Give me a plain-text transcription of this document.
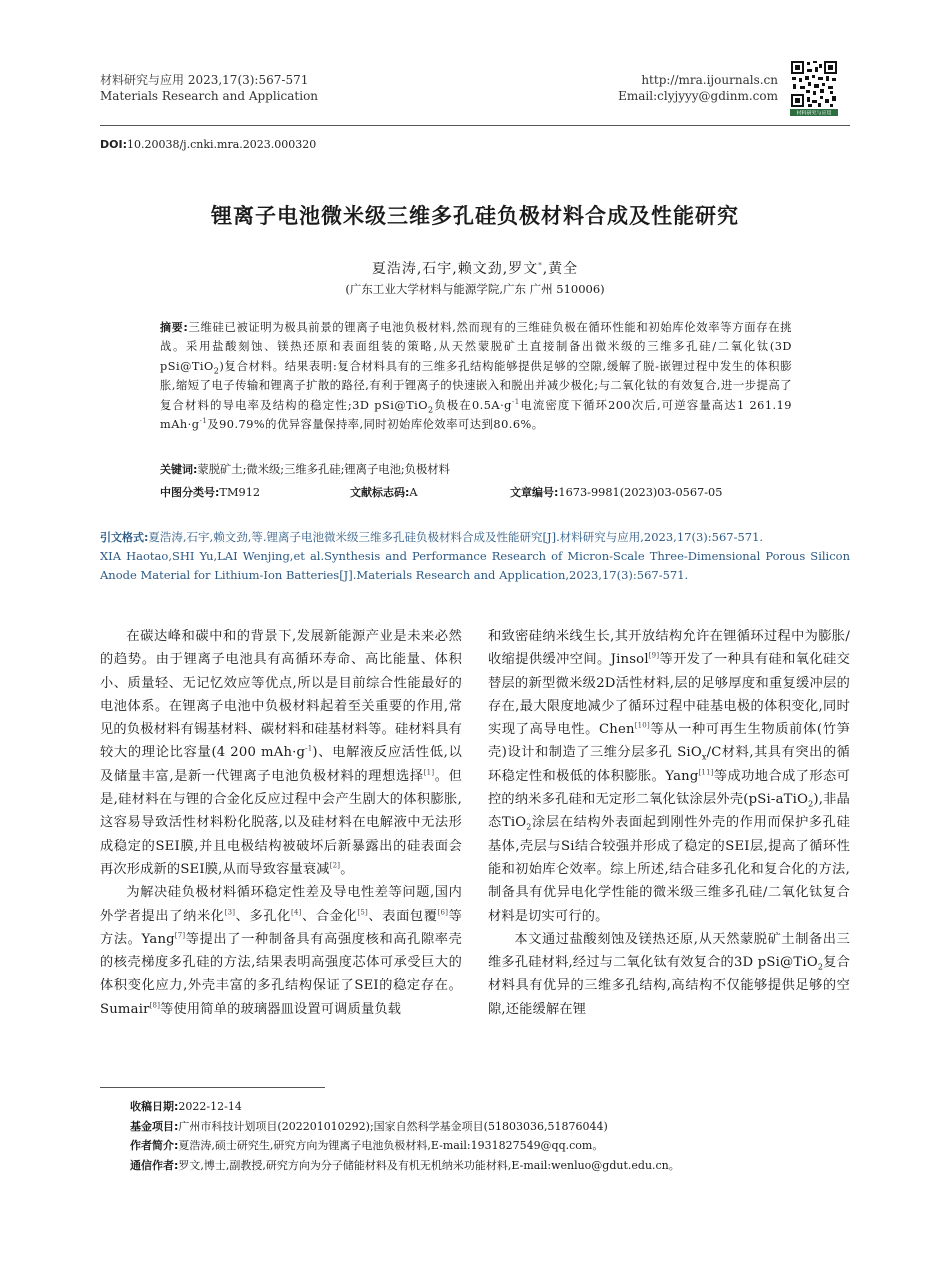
材料研究与应用 2023,17(3):567-571
Materials Research and Application
http://mra.ijournals.cn
Email:clyjyyy@gdinm.com
材料研究与应用
DOI:10.20038/j.cnki.mra.2023.000320
锂离子电池微米级三维多孔硅负极材料合成及性能研究
夏浩涛,石宇,赖文劲,罗文*,黄全
(广东工业大学材料与能源学院,广东 广州 510006)
摘要:三维硅已被证明为极具前景的锂离子电池负极材料,然而现有的三维硅负极在循环性能和初始库伦效率等方面存在挑战。采用盐酸刻蚀、镁热还原和表面组装的策略,从天然蒙脱矿土直接制备出微米级的三维多孔硅/二氧化钛(3D pSi@TiO$_2$)复合材料。结果表明:复合材料具有的三维多孔结构能够提供足够的空隙,缓解了脱-嵌锂过程中发生的体积膨胀,缩短了电子传输和锂离子扩散的路径,有利于锂离子的快速嵌入和脱出并减少极化;与二氧化钛的有效复合,进一步提高了复合材料的导电率及结构的稳定性;3D pSi@TiO$_2$负极在$0.5A\cdot g^{-1}$电流密度下循环200次后,可逆容量高达1 261.19 $mAh\cdot g^{-1}$及90.79%的优异容量保持率,同时初始库伦效率可达到80.6%。
关键词:蒙脱矿土;微米级;三维多孔硅;锂离子电池;负极材料
中图分类号:TM912	文献标志码:A	文章编号:1673-9981(2023)03-0567-05
引文格式:夏浩涛,石宇,赖文劲,等.锂离子电池微米级三维多孔硅负极材料合成及性能研究[J].材料研究与应用,2023,17(3):567-571.
XIA Haotao,SHI Yu,LAI Wenjing,et al.Synthesis and Performance Research of Micron-Scale Three-Dimensional Porous Silicon Anode Material for Lithium-Ion Batteries[J].Materials Research and Application,2023,17(3):567-571.

在碳达峰和碳中和的背景下,发展新能源产业是未来必然的趋势。由于锂离子电池具有高循环寿命、高比能量、体积小、质量轻、无记忆效应等优点,所以是目前综合性能最好的电池体系。在锂离子电池中负极材料起着至关重要的作用,常见的负极材料有锡基材料、碳材料和硅基材料等。硅材料具有较大的理论比容量(4 200 $mAh\cdot g^{-1}$)、电解液反应活性低,以及储量丰富,是新一代锂离子电池负极材料的理想选择[1]。但是,硅材料在与锂的合金化反应过程中会产生剧大的体积膨胀,这容易导致活性材料粉化脱落,以及硅材料在电解液中无法形成稳定的SEI膜,并且电极结构被破坏后新暴露出的硅表面会再次形成新的SEI膜,从而导致容量衰减[2]。

为解决硅负极材料循环稳定性差及导电性差等问题,国内外学者提出了纳米化[3]、多孔化[4]、合金化[5]、表面包覆[6]等方法。Yang[7]等提出了一种制备具有高强度核和高孔隙率壳的核壳梯度多孔硅的方法,结果表明高强度芯体可承受巨大的体积变化应力,外壳丰富的多孔结构保证了SEI的稳定存在。Sumair[8]等使用简单的玻璃器皿设置可调质量负载

和致密硅纳米线生长,其开放结构允许在锂循环过程中为膨胀/收缩提供缓冲空间。Jinsol[9]等开发了一种具有硅和氧化硅交替层的新型微米级2D活性材料,层的足够厚度和重复缓冲层的存在,最大限度地减少了循环过程中硅基电极的体积变化,同时实现了高导电性。Chen[10]等从一种可再生生物质前体(竹笋壳)设计和制造了三维分层多孔 SiO$_x$/C材料,其具有突出的循环稳定性和极低的体积膨胀。Yang[11]等成功地合成了形态可控的纳米多孔硅和无定形二氧化钛涂层外壳(pSi-aTiO$_2$),非晶态TiO$_2$涂层在结构外表面起到刚性外壳的作用而保护多孔硅基体,壳层与Si结合较强并形成了稳定的SEI层,提高了循环性能和初始库仑效率。综上所述,结合硅多孔化和复合化的方法,制备具有优异电化学性能的微米级三维多孔硅/二氧化钛复合材料是切实可行的。

本文通过盐酸刻蚀及镁热还原,从天然蒙脱矿土制备出三维多孔硅材料,经过与二氧化钛有效复合的3D pSi@TiO$_2$复合材料具有优异的三维多孔结构,高结构不仅能够提供足够的空隙,还能缓解在锂

收稿日期:2022-12-14
基金项目:广州市科技计划项目(202201010292);国家自然科学基金项目(51803036,51876044)
作者简介:夏浩涛,硕士研究生,研究方向为锂离子电池负极材料,E-mail:1931827549@qq.com。
通信作者:罗文,博士,副教授,研究方向为分子储能材料及有机无机纳米功能材料,E-mail:wenluo@gdut.edu.cn。
